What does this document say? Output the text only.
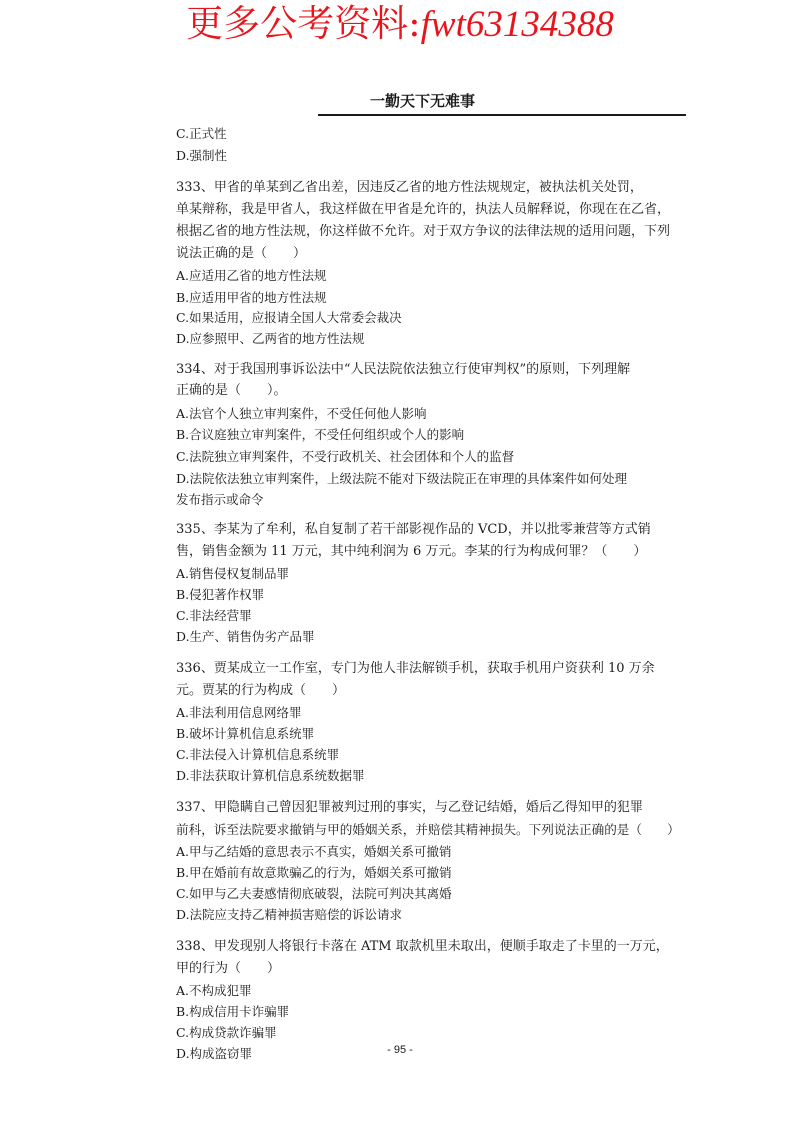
更多公考资料:fwt63134388
一勤天下无难事
C.正式性
D.强制性
333、甲省的单某到乙省出差，因违反乙省的地方性法规规定，被执法机关处罚，
单某辩称，我是甲省人，我这样做在甲省是允许的，执法人员解释说，你现在在乙省，
根据乙省的地方性法规，你这样做不允许。对于双方争议的法律法规的适用问题，下列
说法正确的是（　　）
A.应适用乙省的地方性法规
B.应适用甲省的地方性法规
C.如果适用，应报请全国人大常委会裁决
D.应参照甲、乙两省的地方性法规
334、对于我国刑事诉讼法中“人民法院依法独立行使审判权”的原则，下列理解
正确的是（　　）。
A.法官个人独立审判案件，不受任何他人影响
B.合议庭独立审判案件，不受任何组织或个人的影响
C.法院独立审判案件，不受行政机关、社会团体和个人的监督
D.法院依法独立审判案件，上级法院不能对下级法院正在审理的具体案件如何处理
发布指示或命令
335、李某为了牟利，私自复制了若干部影视作品的 VCD，并以批零兼营等方式销
售，销售金额为 11 万元，其中纯利润为 6 万元。李某的行为构成何罪？（　　）
A.销售侵权复制品罪
B.侵犯著作权罪
C.非法经营罪
D.生产、销售伪劣产品罪
336、贾某成立一工作室，专门为他人非法解锁手机，获取手机用户资获利 10 万余
元。贾某的行为构成（　　）
A.非法利用信息网络罪
B.破坏计算机信息系统罪
C.非法侵入计算机信息系统罪
D.非法获取计算机信息系统数据罪
337、甲隐瞒自己曾因犯罪被判过刑的事实，与乙登记结婚，婚后乙得知甲的犯罪
前科，诉至法院要求撤销与甲的婚姻关系，并赔偿其精神损失。下列说法正确的是（　　）
A.甲与乙结婚的意思表示不真实，婚姻关系可撤销
B.甲在婚前有故意欺骗乙的行为，婚姻关系可撤销
C.如甲与乙夫妻感情彻底破裂，法院可判决其离婚
D.法院应支持乙精神损害赔偿的诉讼请求
338、甲发现别人将银行卡落在 ATM 取款机里未取出，便顺手取走了卡里的一万元，
甲的行为（　　）
A.不构成犯罪
B.构成信用卡诈骗罪
C.构成贷款诈骗罪
D.构成盗窃罪	- 95 -
